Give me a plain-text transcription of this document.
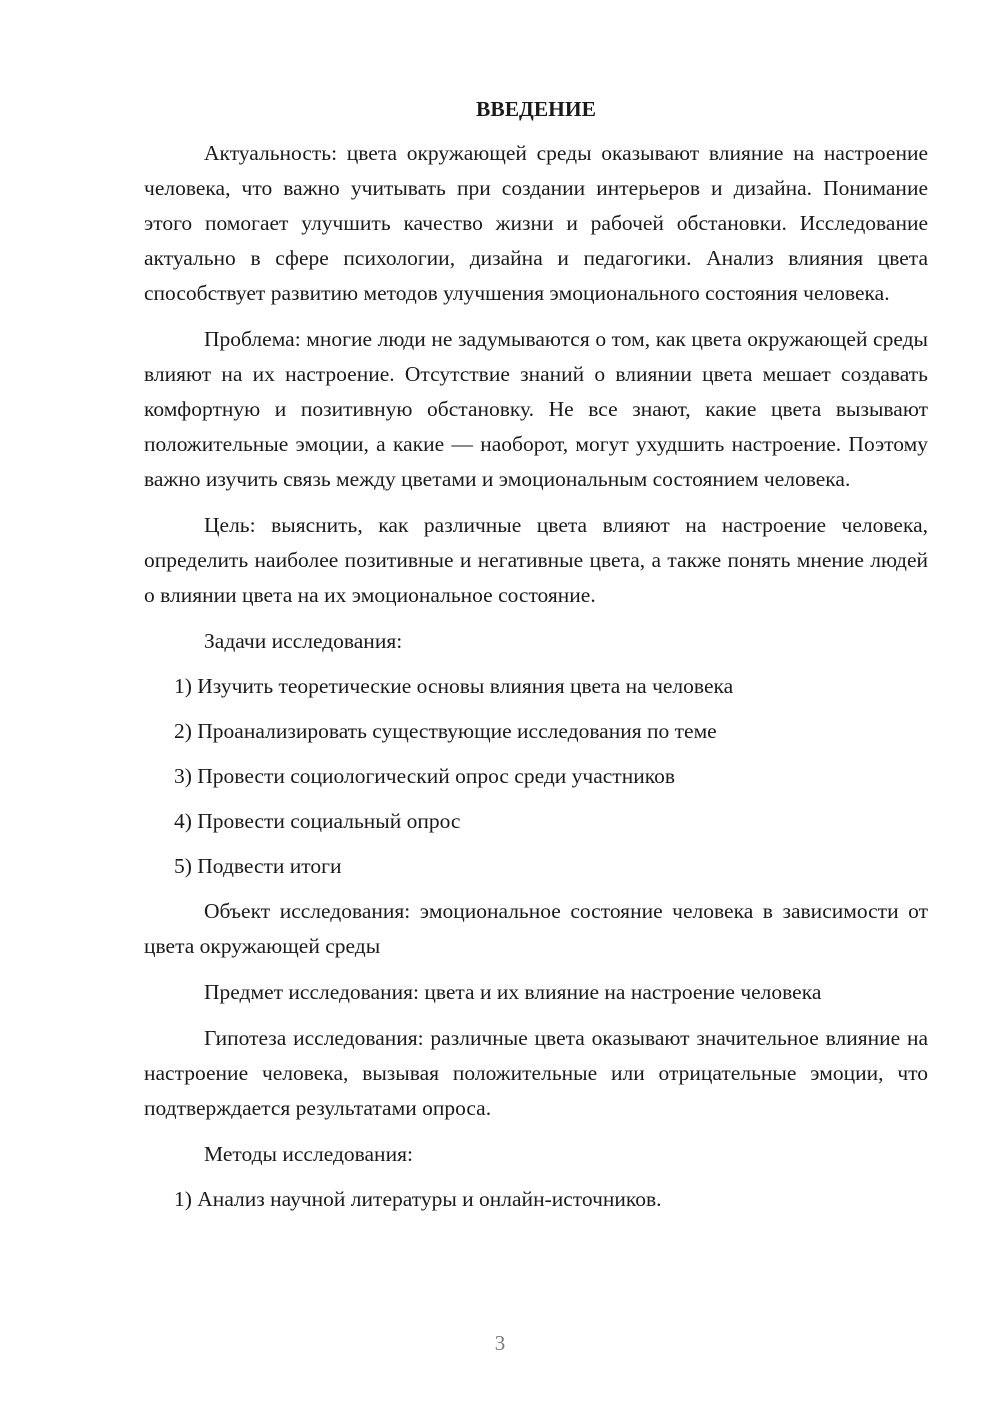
ВВЕДЕНИЕ

Актуальность: цвета окружающей среды оказывают влияние на настроение человека, что важно учитывать при создании интерьеров и дизайна. Понимание этого помогает улучшить качество жизни и рабочей обстановки. Исследование актуально в сфере психологии, дизайна и педагогики. Анализ влияния цвета способствует развитию методов улучшения эмоционального состояния человека.

Проблема: многие люди не задумываются о том, как цвета окружающей среды влияют на их настроение. Отсутствие знаний о влиянии цвета мешает создавать комфортную и позитивную обстановку. Не все знают, какие цвета вызывают положительные эмоции, а какие — наоборот, могут ухудшить настроение. Поэтому важно изучить связь между цветами и эмоциональным состоянием человека.

Цель: выяснить, как различные цвета влияют на настроение человека, определить наиболее позитивные и негативные цвета, а также понять мнение людей о влиянии цвета на их эмоциональное состояние.

Задачи исследования:
1) Изучить теоретические основы влияния цвета на человека
2) Проанализировать существующие исследования по теме
3) Провести социологический опрос среди участников
4) Провести социальный опрос
5) Подвести итоги

Объект исследования: эмоциональное состояние человека в зависимости от цвета окружающей среды

Предмет исследования: цвета и их влияние на настроение человека

Гипотеза исследования: различные цвета оказывают значительное влияние на настроение человека, вызывая положительные или отрицательные эмоции, что подтверждается результатами опроса.

Методы исследования:
1) Анализ научной литературы и онлайн-источников.
3
